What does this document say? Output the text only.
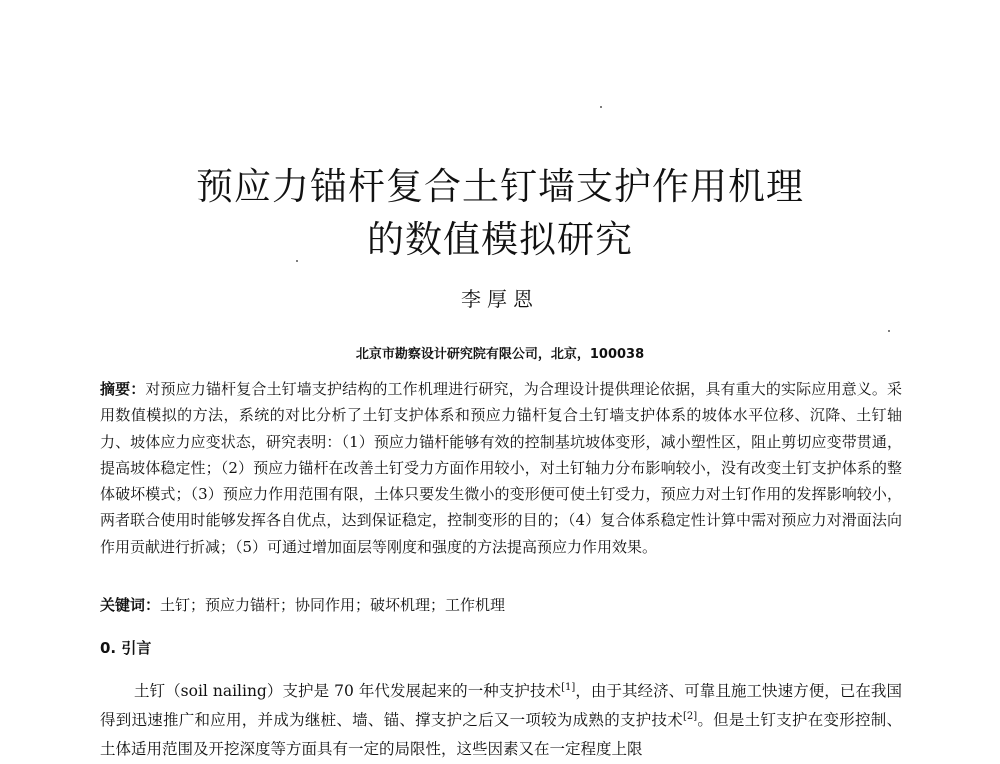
预应力锚杆复合土钉墙支护作用机理
的数值模拟研究
李厚恩
北京市勘察设计研究院有限公司，北京，100038
摘要：对预应力锚杆复合土钉墙支护结构的工作机理进行研究，为合理设计提供理论依据，具有重大的实际应用意义。采用数值模拟的方法，系统的对比分析了土钉支护体系和预应力锚杆复合土钉墙支护体系的坡体水平位移、沉降、土钉轴力、坡体应力应变状态，研究表明：（1）预应力锚杆能够有效的控制基坑坡体变形，减小塑性区，阻止剪切应变带贯通，提高坡体稳定性；（2）预应力锚杆在改善土钉受力方面作用较小，对土钉轴力分布影响较小，没有改变土钉支护体系的整体破坏模式；（3）预应力作用范围有限，土体只要发生微小的变形便可使土钉受力，预应力对土钉作用的发挥影响较小，两者联合使用时能够发挥各自优点，达到保证稳定，控制变形的目的；（4）复合体系稳定性计算中需对预应力对滑面法向作用贡献进行折减；（5）可通过增加面层等刚度和强度的方法提高预应力作用效果。
关键词：土钉；预应力锚杆；协同作用；破坏机理；工作机理
0. 引言
土钉（soil nailing）支护是 70 年代发展起来的一种支护技术[1]，由于其经济、可靠且施工快速方便，已在我国得到迅速推广和应用，并成为继桩、墙、锚、撑支护之后又一项较为成熟的支护技术[2]。但是土钉支护在变形控制、土体适用范围及开挖深度等方面具有一定的局限性，这些因素又在一定程度上限
